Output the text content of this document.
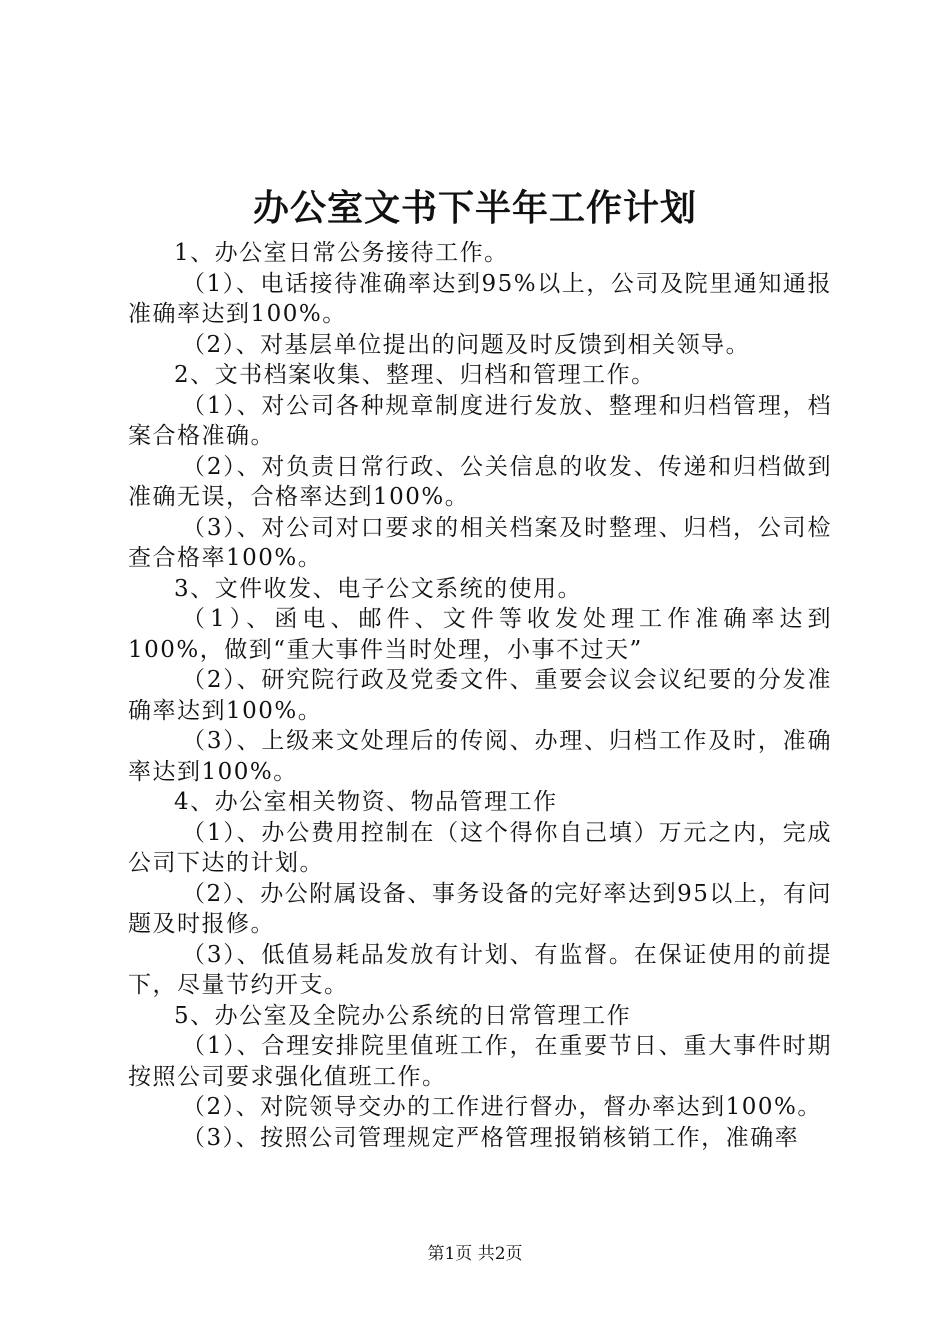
办公室文书下半年工作计划

1、办公室日常公务接待工作。

（1）、电话接待准确率达到95%以上，公司及院里通知通报准确率达到100%。

（2）、对基层单位提出的问题及时反馈到相关领导。

2、文书档案收集、整理、归档和管理工作。

（1）、对公司各种规章制度进行发放、整理和归档管理，档案合格准确。

（2）、对负责日常行政、公关信息的收发、传递和归档做到准确无误，合格率达到100%。

（3）、对公司对口要求的相关档案及时整理、归档，公司检查合格率100%。

3、文件收发、电子公文系统的使用。

（1）、函电、邮件、文件等收发处理工作准确率达到100%，做到“重大事件当时处理，小事不过天”

（2）、研究院行政及党委文件、重要会议会议纪要的分发准确率达到100%。

（3）、上级来文处理后的传阅、办理、归档工作及时，准确率达到100%。

4、办公室相关物资、物品管理工作

（1）、办公费用控制在（这个得你自己填）万元之内，完成公司下达的计划。

（2）、办公附属设备、事务设备的完好率达到95以上，有问题及时报修。

（3）、低值易耗品发放有计划、有监督。在保证使用的前提下，尽量节约开支。

5、办公室及全院办公系统的日常管理工作

（1）、合理安排院里值班工作，在重要节日、重大事件时期按照公司要求强化值班工作。

（2）、对院领导交办的工作进行督办，督办率达到100%。

（3）、按照公司管理规定严格管理报销核销工作，准确率

第1页 共2页
